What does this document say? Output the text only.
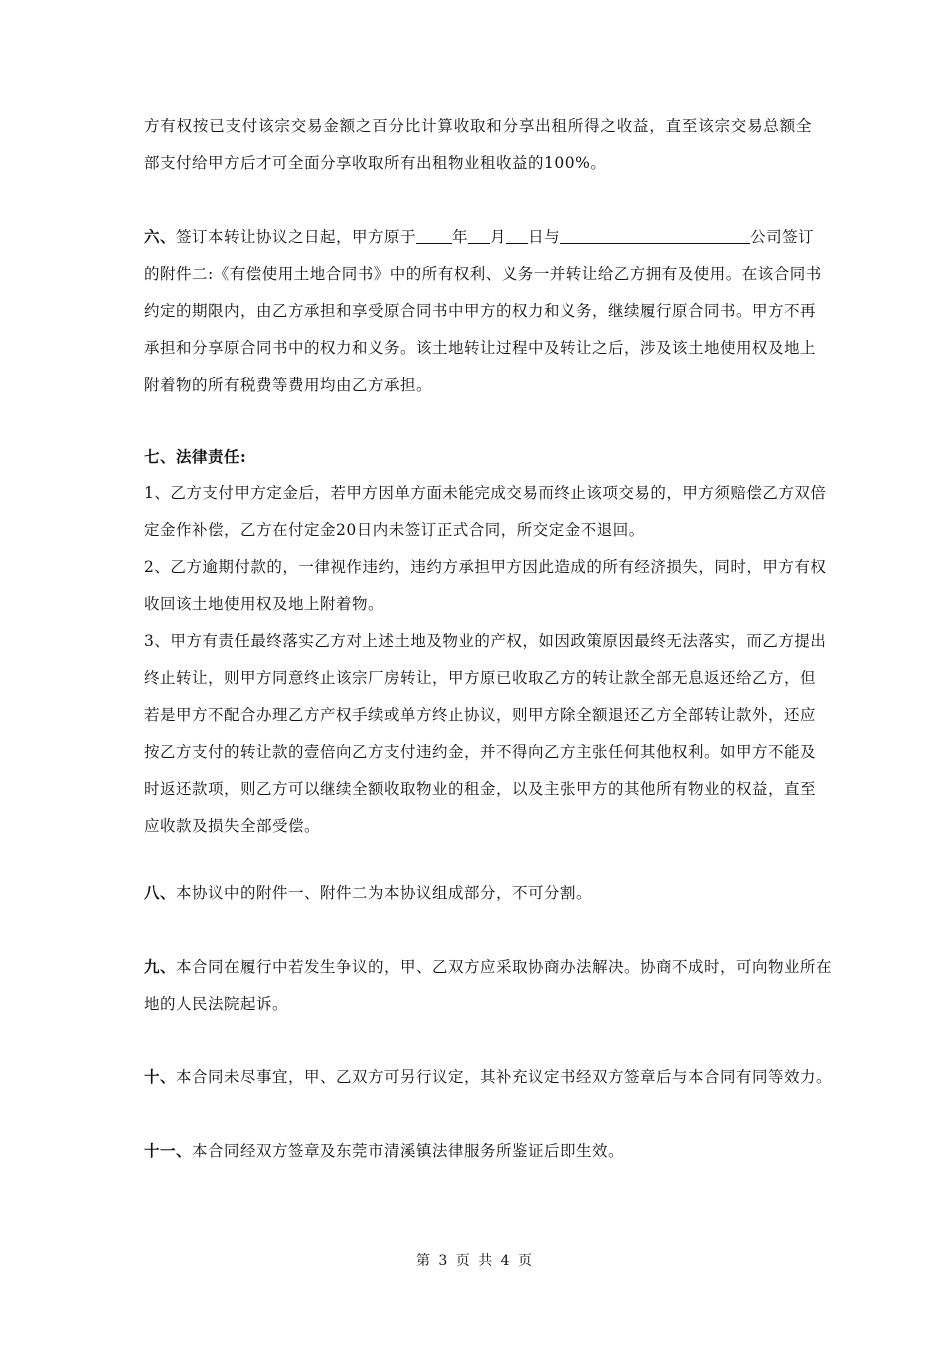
方有权按已支付该宗交易金额之百分比计算收取和分享出租所得之收益，直至该宗交易总额全
部支付给甲方后才可全面分享收取所有出租物业租收益的100%。
六、签订本转让协议之日起，甲方原于 年 月 日与	公司签订
的附件二:《有偿使用土地合同书》中的所有权利、义务一并转让给乙方拥有及使用。在该合同书
约定的期限内，由乙方承担和享受原合同书中甲方的权力和义务，继续履行原合同书。甲方不再
承担和分享原合同书中的权力和义务。该土地转让过程中及转让之后，涉及该土地使用权及地上
附着物的所有税费等费用均由乙方承担。
七、法律责任:
1、乙方支付甲方定金后，若甲方因单方面未能完成交易而终止该项交易的，甲方须赔偿乙方双倍
定金作补偿，乙方在付定金20日内未签订正式合同，所交定金不退回。
2、乙方逾期付款的，一律视作违约，违约方承担甲方因此造成的所有经济损失，同时，甲方有权
收回该土地使用权及地上附着物。
3、甲方有责任最终落实乙方对上述土地及物业的产权，如因政策原因最终无法落实，而乙方提出
终止转让，则甲方同意终止该宗厂房转让，甲方原已收取乙方的转让款全部无息返还给乙方，但
若是甲方不配合办理乙方产权手续或单方终止协议，则甲方除全额退还乙方全部转让款外，还应
按乙方支付的转让款的壹倍向乙方支付违约金，并不得向乙方主张任何其他权利。如甲方不能及
时返还款项，则乙方可以继续全额收取物业的租金，以及主张甲方的其他所有物业的权益，直至
应收款及损失全部受偿。
八、本协议中的附件一、附件二为本协议组成部分，不可分割。
九、本合同在履行中若发生争议的，甲、乙双方应采取协商办法解决。协商不成时，可向物业所在
地的人民法院起诉。
十、本合同未尽事宜，甲、乙双方可另行议定，其补充议定书经双方签章后与本合同有同等效力。
十一、本合同经双方签章及东莞市清溪镇法律服务所鉴证后即生效。
第 3 页 共 4 页
